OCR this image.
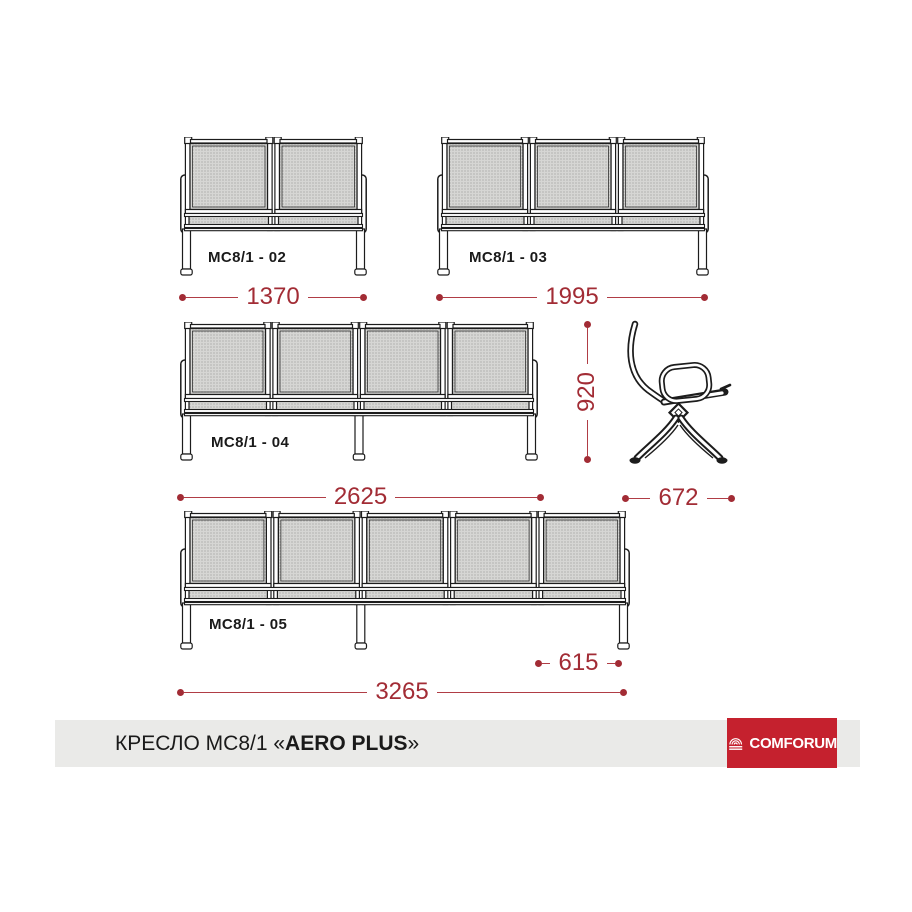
MC8/1 - 02	MC8/1 - 03
MC8/1 - 04
MC8/1 - 05
1370	1995
2625
920
672
615
3265
КРЕСЛО МС8/1 «AERO PLUS»	COMFORUM
